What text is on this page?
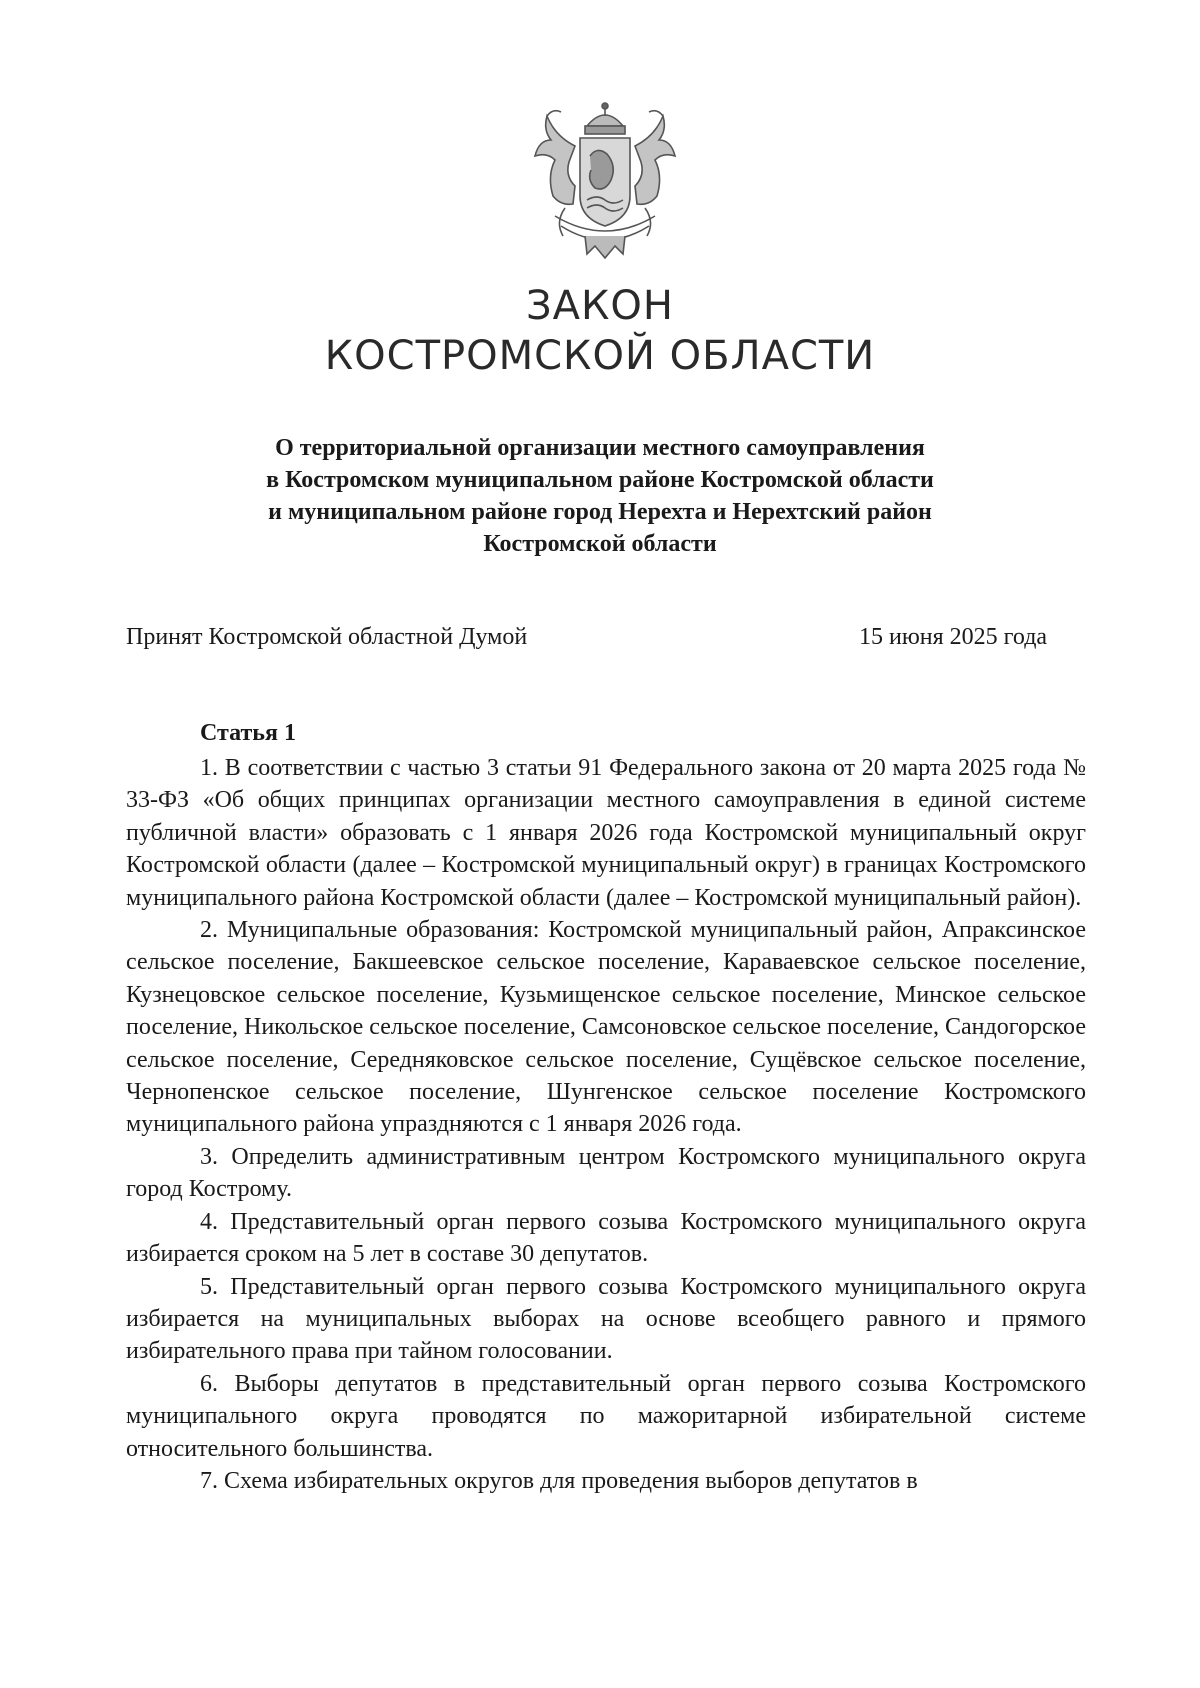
ЗАКОН
КОСТРОМСКОЙ ОБЛАСТИ
О территориальной организации местного самоуправления
в Костромском муниципальном районе Костромской области
и муниципальном районе город Нерехта и Нерехтский район
Костромской области
Принят Костромской областной Думой	15 июня 2025 года
Статья 1

1. В соответствии с частью 3 статьи 91 Федерального закона от 20 марта 2025 года № 33-ФЗ «Об общих принципах организации местного самоуправления в единой системе публичной власти» образовать с 1 января 2026 года Костромской муниципальный округ Костромской области (далее – Костромской муниципальный округ) в границах Костромского муниципального района Костромской области (далее – Костромской муниципальный район).

2. Муниципальные образования: Костромской муниципальный район, Апраксинское сельское поселение, Бакшеевское сельское поселение, Караваевское сельское поселение, Кузнецовское сельское поселение, Кузьмищенское сельское поселение, Минское сельское поселение, Никольское сельское поселение, Самсоновское сельское поселение, Сандогорское сельское поселение, Середняковское сельское поселение, Сущёвское сельское поселение, Чернопенское сельское поселение, Шунгенское сельское поселение Костромского муниципального района упраздняются с 1 января 2026 года.

3. Определить административным центром Костромского муниципального округа город Кострому.

4. Представительный орган первого созыва Костромского муниципального округа избирается сроком на 5 лет в составе 30 депутатов.

5. Представительный орган первого созыва Костромского муниципального округа избирается на муниципальных выборах на основе всеобщего равного и прямого избирательного права при тайном голосовании.

6. Выборы депутатов в представительный орган первого созыва Костромского муниципального округа проводятся по мажоритарной избирательной системе относительного большинства.

7. Схема избирательных округов для проведения выборов депутатов в
